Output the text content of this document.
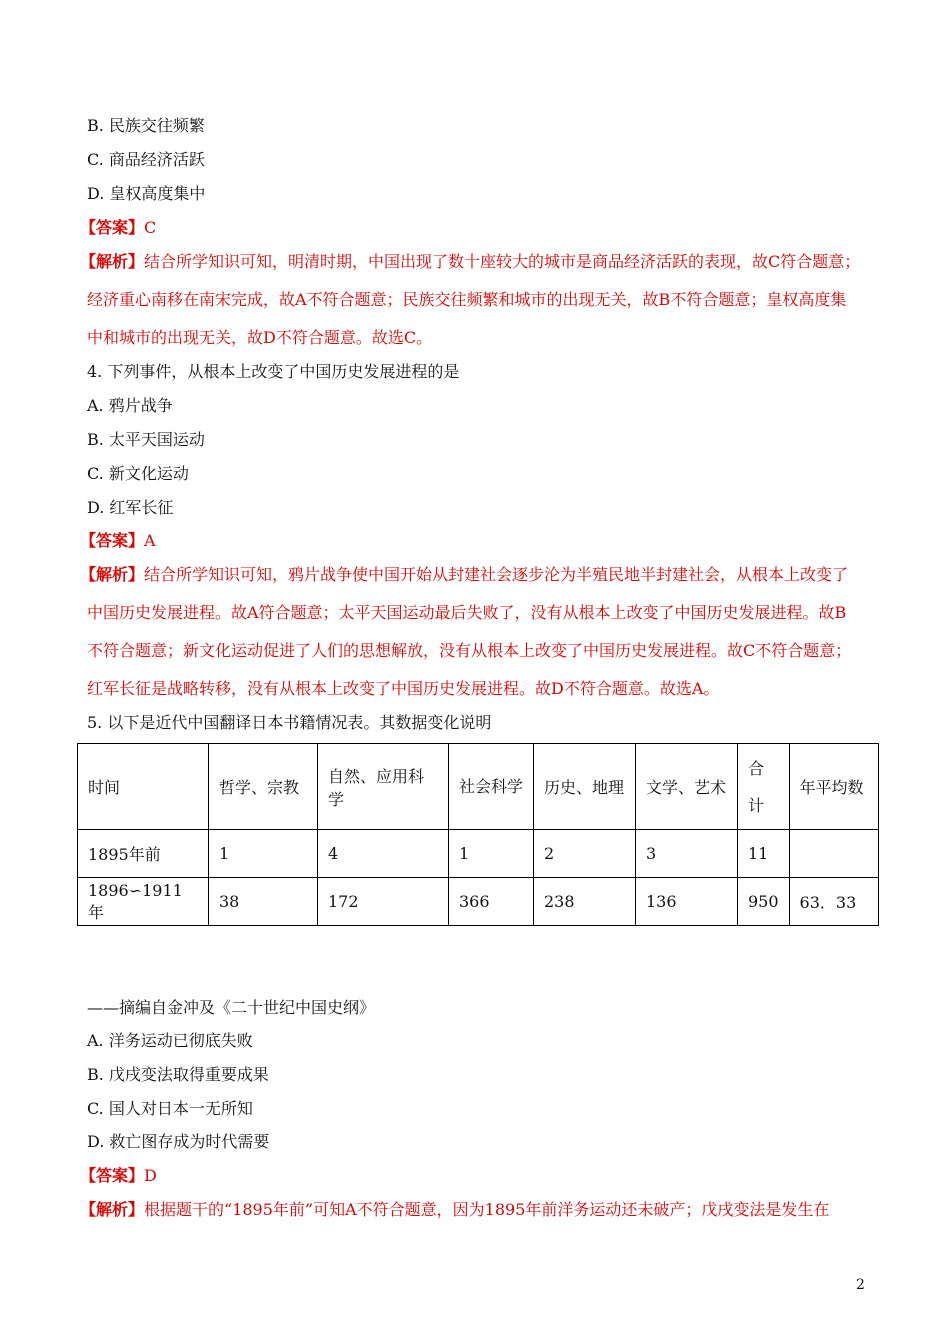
B. 民族交往频繁
C. 商品经济活跃
D. 皇权高度集中
【答案】C
【解析】结合所学知识可知，明清时期，中国出现了数十座较大的城市是商品经济活跃的表现，故C符合题意；
经济重心南移在南宋完成，故A不符合题意；民族交往频繁和城市的出现无关，故B不符合题意；皇权高度集
中和城市的出现无关，故D不符合题意。故选C。
4. 下列事件，从根本上改变了中国历史发展进程的是
A. 鸦片战争
B. 太平天国运动
C. 新文化运动
D. 红军长征
【答案】A
【解析】结合所学知识可知，鸦片战争使中国开始从封建社会逐步沦为半殖民地半封建社会，从根本上改变了
中国历史发展进程。故A符合题意；太平天国运动最后失败了，没有从根本上改变了中国历史发展进程。故B
不符合题意；新文化运动促进了人们的思想解放，没有从根本上改变了中国历史发展进程。故C不符合题意；
红军长征是战略转移，没有从根本上改变了中国历史发展进程。故D不符合题意。故选A。
5. 以下是近代中国翻译日本书籍情况表。其数据变化说明
时间	哲学、宗教	自然、应用科学	社会科学	历史、地理	文学、艺术	合计	年平均数
1895年前	1	4	1	2	3	11	
1896∽1911年	38	172	366	238	136	950	63．33
——摘编自金冲及《二十世纪中国史纲》
A. 洋务运动已彻底失败
B. 戊戌变法取得重要成果
C. 国人对日本一无所知
D. 救亡图存成为时代需要
【答案】D
【解析】根据题干的“1895年前”可知A不符合题意，因为1895年前洋务运动还未破产；戊戌变法是发生在
2
